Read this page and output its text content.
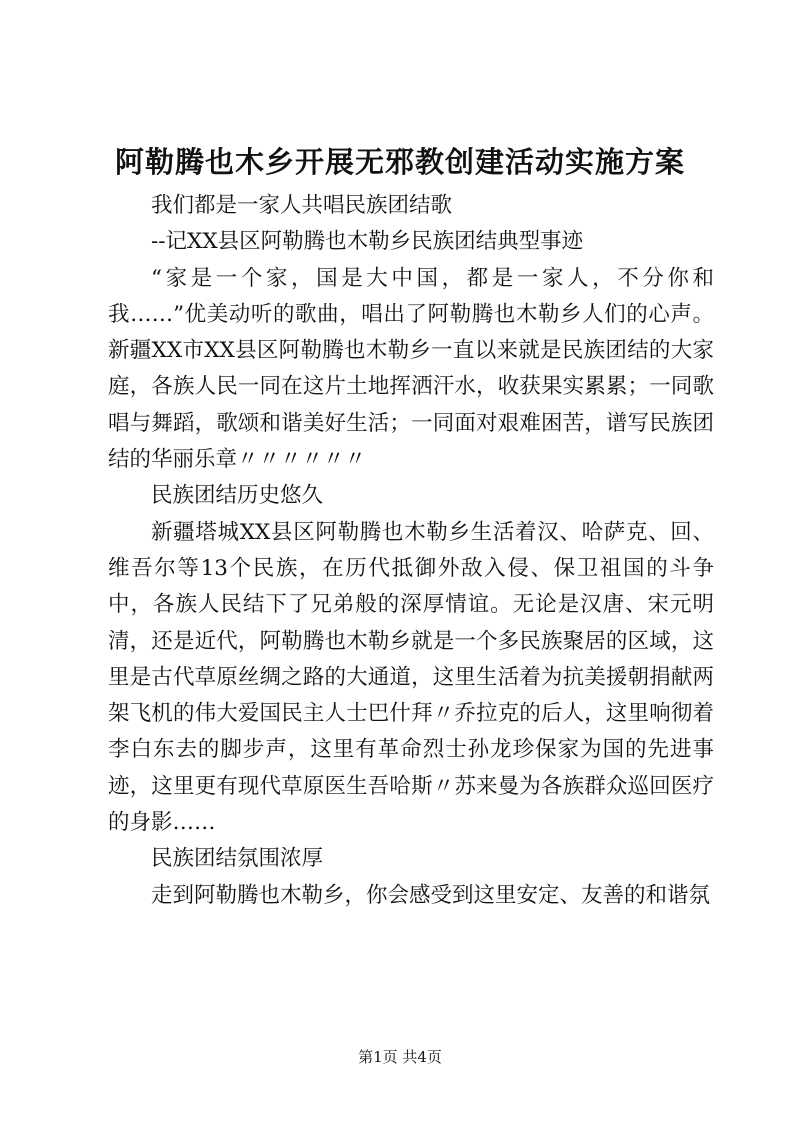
阿勒腾也木乡开展无邪教创建活动实施方案

我们都是一家人共唱民族团结歌

--记XX县区阿勒腾也木勒乡民族团结典型事迹

“家是一个家，国是大中国，都是一家人，不分你和我……”优美动听的歌曲，唱出了阿勒腾也木勒乡人们的心声。新疆XX市XX县区阿勒腾也木勒乡一直以来就是民族团结的大家庭，各族人民一同在这片土地挥洒汗水，收获果实累累；一同歌唱与舞蹈，歌颂和谐美好生活；一同面对艰难困苦，谱写民族团结的华丽乐章〃〃〃〃〃〃

民族团结历史悠久

新疆塔城XX县区阿勒腾也木勒乡生活着汉、哈萨克、回、维吾尔等13个民族，在历代抵御外敌入侵、保卫祖国的斗争中，各族人民结下了兄弟般的深厚情谊。无论是汉唐、宋元明清，还是近代，阿勒腾也木勒乡就是一个多民族聚居的区域，这里是古代草原丝绸之路的大通道，这里生活着为抗美援朝捐献两架飞机的伟大爱国民主人士巴什拜〃乔拉克的后人，这里响彻着李白东去的脚步声，这里有革命烈士孙龙珍保家为国的先进事迹，这里更有现代草原医生吾哈斯〃苏来曼为各族群众巡回医疗的身影……

民族团结氛围浓厚

走到阿勒腾也木勒乡，你会感受到这里安定、友善的和谐氛

第1页 共4页
